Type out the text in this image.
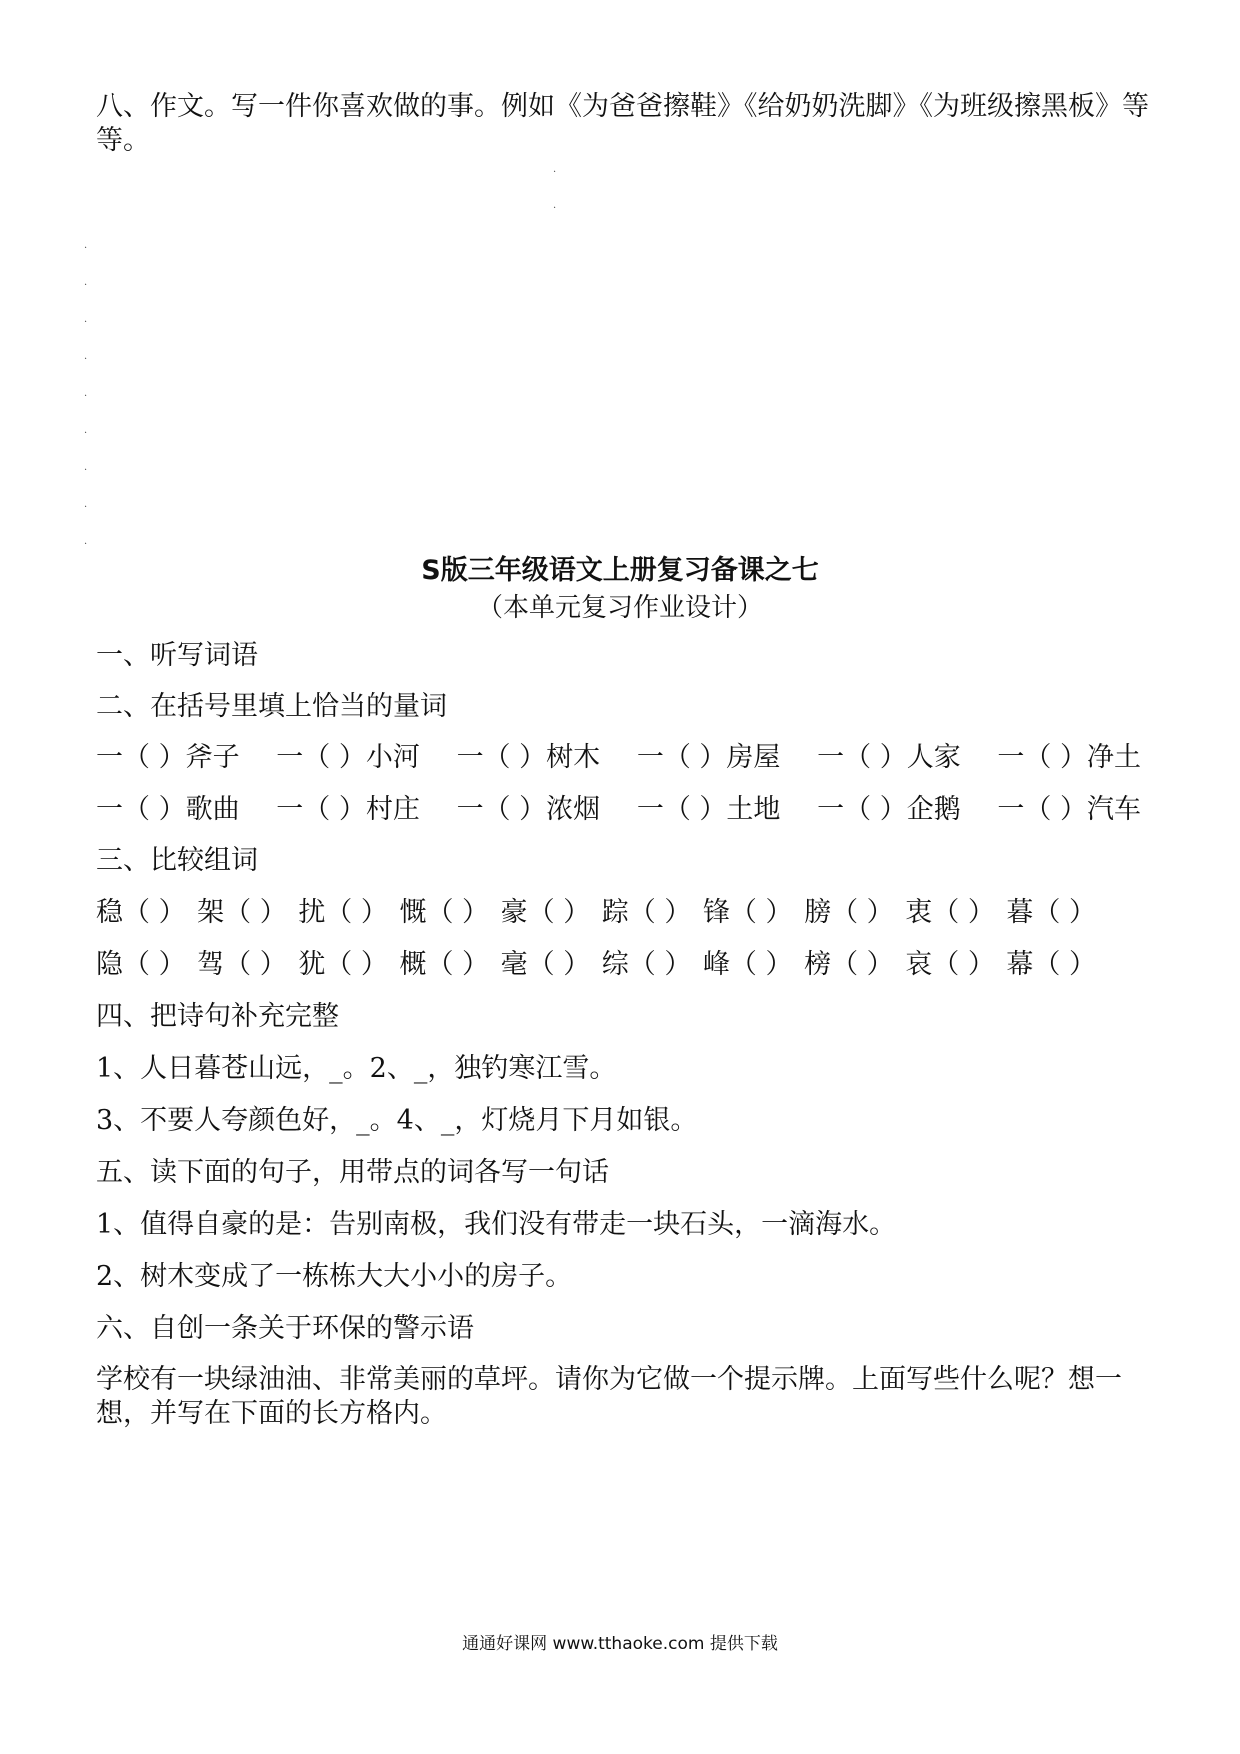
八、作文。写一件你喜欢做的事。例如《为爸爸擦鞋》《给奶奶洗脚》《为班级擦黑板》等等。
·
·
·
·
·
·
·
·
·
·
·
S版三年级语文上册复习备课之七
（本单元复习作业设计）
一、听写词语
二、在括号里填上恰当的量词
一（ ）斧子 一（ ）小河 一（ ）树木 一（ ）房屋 一（ ）人家 一（ ）净土
一（ ）歌曲 一（ ）村庄 一（ ）浓烟 一（ ）土地 一（ ）企鹅 一（ ）汽车
三、比较组词
稳（ ） 架（ ） 扰（ ） 慨（ ） 豪（ ） 踪（ ） 锋（ ） 膀（ ） 衷（ ） 暮（ ）
隐（ ） 驾（ ） 犹（ ） 概（ ） 毫（ ） 综（ ） 峰（ ） 榜（ ） 哀（ ） 幕（ ）
四、把诗句补充完整
1、人日暮苍山远，_。2、_，独钓寒江雪。
3、不要人夸颜色好，_。4、_，灯烧月下月如银。
五、读下面的句子，用带点的词各写一句话
1、值得自豪的是：告别南极，我们没有带走一块石头，一滴海水。
2、树木变成了一栋栋大大小小的房子。
六、自创一条关于环保的警示语
学校有一块绿油油、非常美丽的草坪。请你为它做一个提示牌。上面写些什么呢？想一想，并写在下面的长方格内。
通通好课网 www.tthaoke.com 提供下载
